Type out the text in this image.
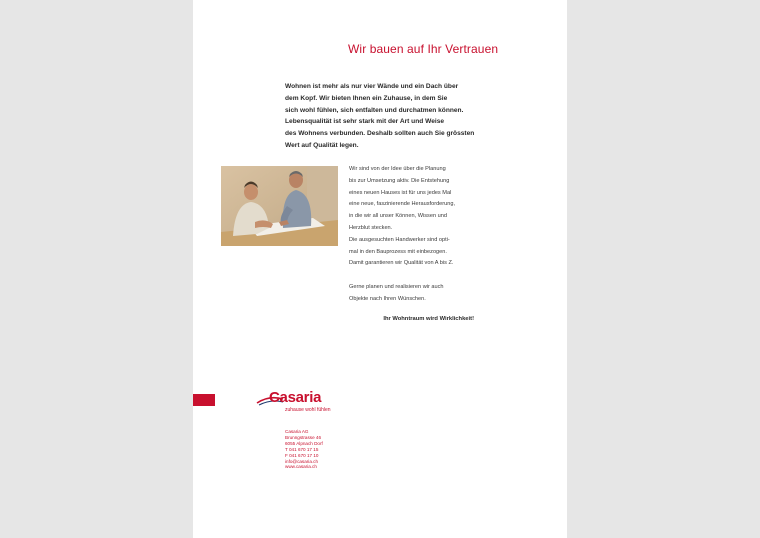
Wir bauen auf Ihr Vertrauen
Wohnen ist mehr als nur vier Wände und ein Dach über
dem Kopf. Wir bieten Ihnen ein Zuhause, in dem Sie
sich wohl fühlen, sich entfalten und durchatmen können.
Lebensqualität ist sehr stark mit der Art und Weise
des Wohnens verbunden. Deshalb sollten auch Sie grössten
Wert auf Qualität legen.
Wir sind von der Idee über die Planung
bis zur Umsetzung aktiv. Die Entstehung
eines neuen Hauses ist für uns jedes Mal
eine neue, faszinierende Herausforderung,
in die wir all unser Können, Wissen und
Herzblut stecken.
Die ausgesuchten Handwerker sind opti-
mal in den Bauprozess mit einbezogen.
Damit garantieren wir Qualität von A bis Z.
Gerne planen und realisieren wir auch
Objekte nach Ihren Wünschen.
Ihr Wohntraum wird Wirklichkeit!
Casaria
zuhause wohl fühlen
Casaria AG
Brunngstrasse 46
6055 Alpnach Dorf
T 041 670 17 15
F 041 670 17 10
info@casaria.ch
www.casaria.ch
